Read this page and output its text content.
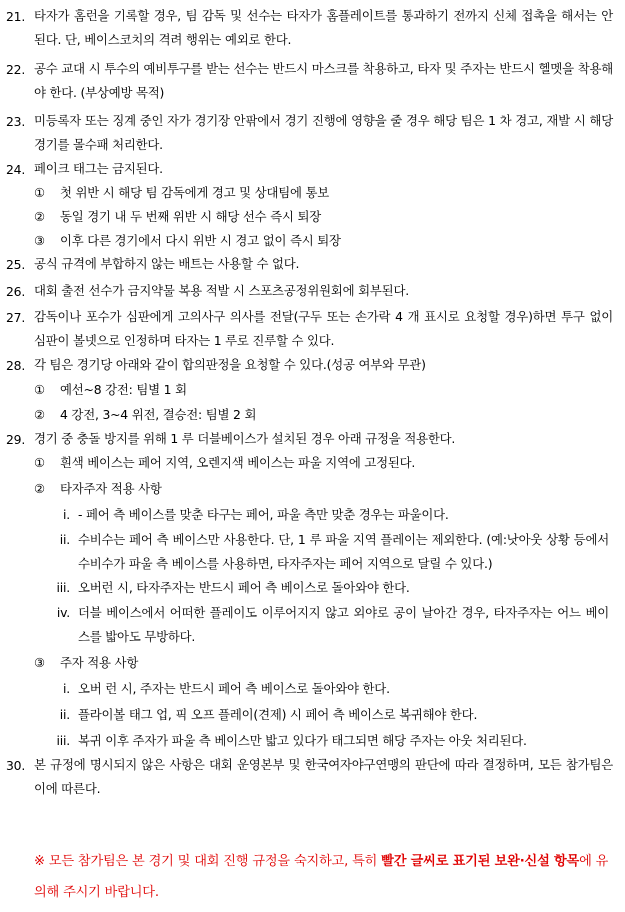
21. 타자가 홈런을 기록할 경우, 팀 감독 및 선수는 타자가 홈플레이트를 통과하기 전까지 신체 접촉을 해서는 안 된다. 단, 베이스코치의 격려 행위는 예외로 한다.
22. 공수 교대 시 투수의 예비투구를 받는 선수는 반드시 마스크를 착용하고, 타자 및 주자는 반드시 헬멧을 착용해야 한다. (부상예방 목적)
23. 미등록자 또는 징계 중인 자가 경기장 안팎에서 경기 진행에 영향을 줄 경우 해당 팀은 1 차 경고, 재발 시 해당 경기를 몰수패 처리한다.
24. 페이크 태그는 금지된다.
① 첫 위반 시 해당 팀 감독에게 경고 및 상대팀에 통보
② 동일 경기 내 두 번째 위반 시 해당 선수 즉시 퇴장
③ 이후 다른 경기에서 다시 위반 시 경고 없이 즉시 퇴장
25. 공식 규격에 부합하지 않는 배트는 사용할 수 없다.
26. 대회 출전 선수가 금지약물 복용 적발 시 스포츠공정위원회에 회부된다.
27. 감독이나 포수가 심판에게 고의사구 의사를 전달(구두 또는 손가락 4 개 표시로 요청할 경우)하면 투구 없이 심판이 볼넷으로 인정하며 타자는 1 루로 진루할 수 있다.
28. 각 팀은 경기당 아래와 같이 합의판정을 요청할 수 있다.(성공 여부와 무관)
① 예선~8 강전: 팀별 1 회
② 4 강전, 3~4 위전, 결승전: 팀별 2 회
29. 경기 중 충돌 방지를 위해 1 루 더블베이스가 설치된 경우 아래 규정을 적용한다.
① 흰색 베이스는 페어 지역, 오렌지색 베이스는 파울 지역에 고정된다.
② 타자주자 적용 사항
i. - 페어 측 베이스를 맞춘 타구는 페어, 파울 측만 맞춘 경우는 파울이다.
ii. 수비수는 페어 측 베이스만 사용한다. 단, 1 루 파울 지역 플레이는 제외한다. (예:낫아웃 상황 등에서 수비수가 파울 측 베이스를 사용하면, 타자주자는 페어 지역으로 달릴 수 있다.)
iii. 오버런 시, 타자주자는 반드시 페어 측 베이스로 돌아와야 한다.
iv. 더블 베이스에서 어떠한 플레이도 이루어지지 않고 외야로 공이 날아간 경우, 타자주자는 어느 베이스를 밟아도 무방하다.
③ 주자 적용 사항
i. 오버 런 시, 주자는 반드시 페어 측 베이스로 돌아와야 한다.
ii. 플라이볼 태그 업, 픽 오프 플레이(견제) 시 페어 측 베이스로 복귀해야 한다.
iii. 복귀 이후 주자가 파울 측 베이스만 밟고 있다가 태그되면 해당 주자는 아웃 처리된다.
30. 본 규정에 명시되지 않은 사항은 대회 운영본부 및 한국여자야구연맹의 판단에 따라 결정하며, 모든 참가팀은 이에 따른다.
※ 모든 참가팀은 본 경기 및 대회 진행 규정을 숙지하고, 특히 빨간 글씨로 표기된 보완·신설 항목에 유의해 주시기 바랍니다.
